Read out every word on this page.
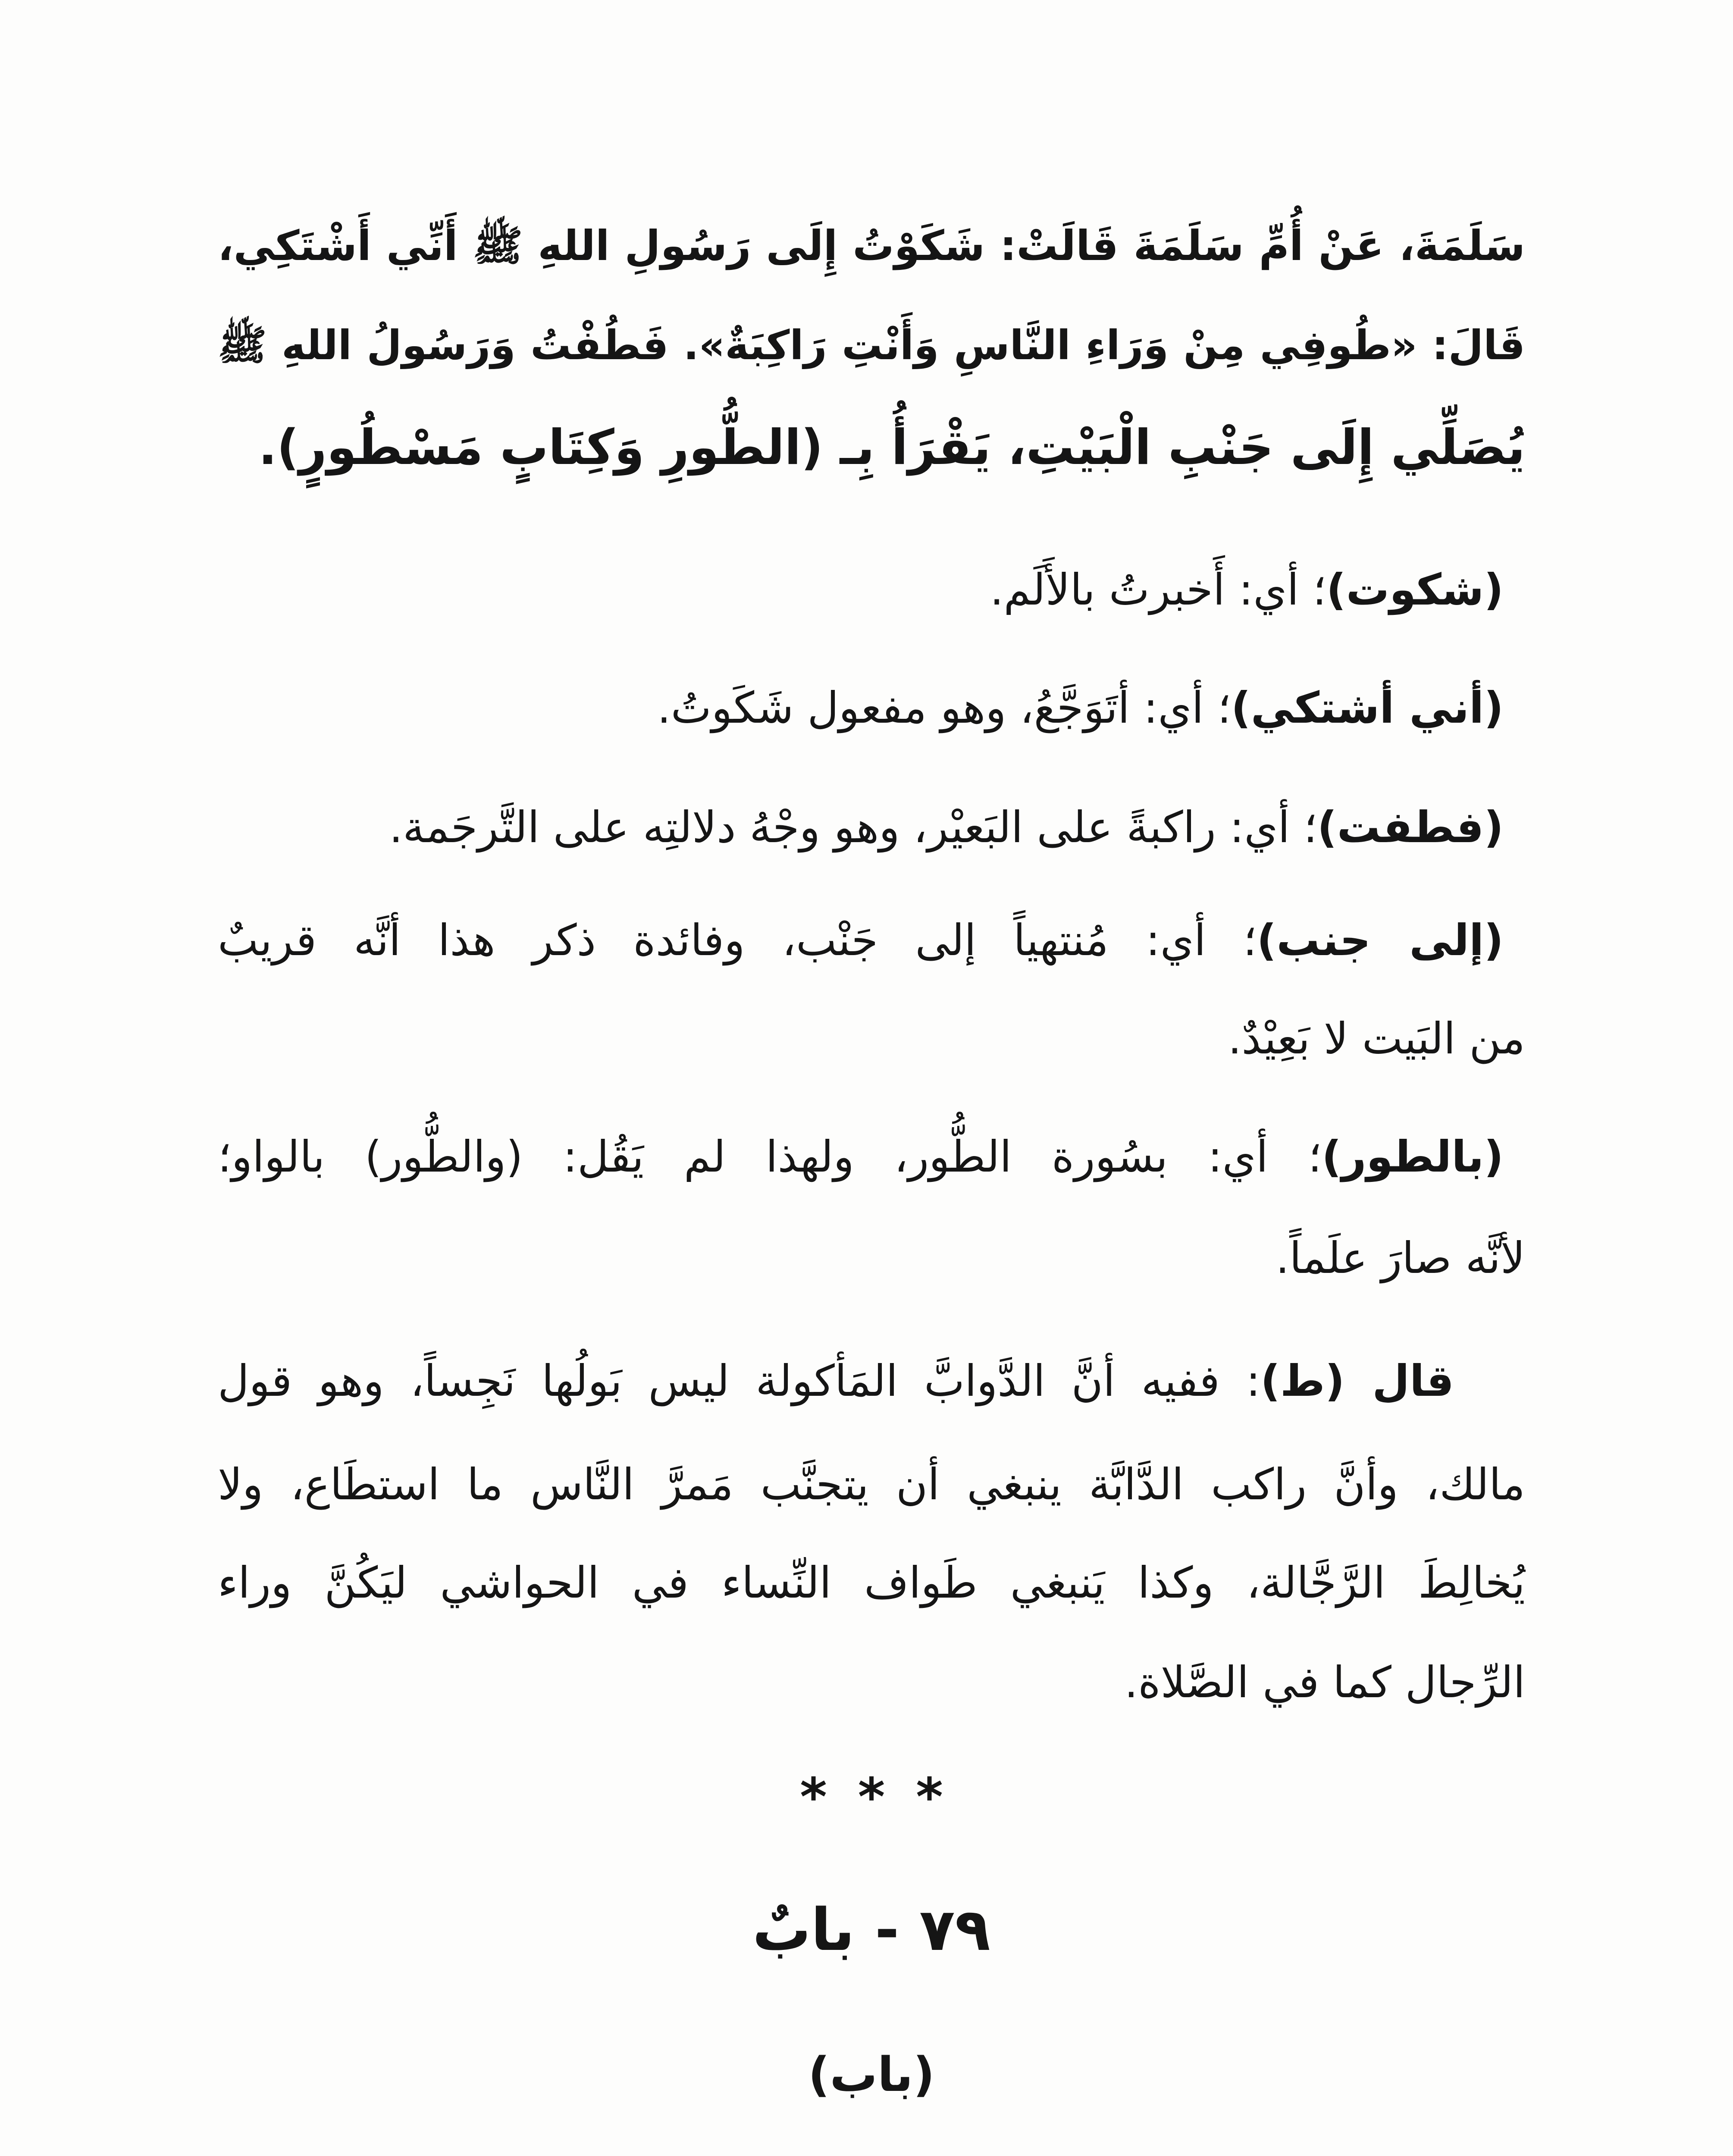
سَلَمَةَ، عَنْ أُمِّ سَلَمَةَ قَالَتْ: شَكَوْتُ إِلَى رَسُولِ اللهِ ﷺ أَنِّي أَشْتَكِي،
قَالَ: «طُوفِي مِنْ وَرَاءِ النَّاسِ وَأَنْتِ رَاكِبَةٌ». فَطُفْتُ وَرَسُولُ اللهِ ﷺ
يُصَلِّي إِلَى جَنْبِ الْبَيْتِ، يَقْرَأُ بِـ (الطُّورِ وَكِتَابٍ مَسْطُورٍ).
(شكوت)؛ أي: أَخبرتُ بالأَلَم.
(أني أشتكي)؛ أي: أتَوَجَّعُ، وهو مفعول شَكَوتُ.
(فطفت)؛ أي: راكبةً على البَعيْر، وهو وجْهُ دلالتِه على التَّرجَمة.
(إلى جنب)؛ أي: مُنتهياً إلى جَنْب، وفائدة ذكر هذا أنَّه قريبٌ
من البَيت لا بَعِيْدٌ.
(بالطور)؛ أي: بسُورة الطُّور، ولهذا لم يَقُل: (والطُّور) بالواو؛
لأنَّه صارَ علَماً.
قال (ط): ففيه أنَّ الدَّوابَّ المَأكولة ليس بَولُها نَجِساً، وهو قول
مالك، وأنَّ راكب الدَّابَّة ينبغي أن يتجنَّب مَمرَّ النَّاس ما استطَاع، ولا
يُخالِطَ الرَّجَّالة، وكذا يَنبغي طَواف النِّساء في الحواشي ليَكُنَّ وراء
الرِّجال كما في الصَّلاة.
* * *
٧٩ - بابٌ
(باب)
